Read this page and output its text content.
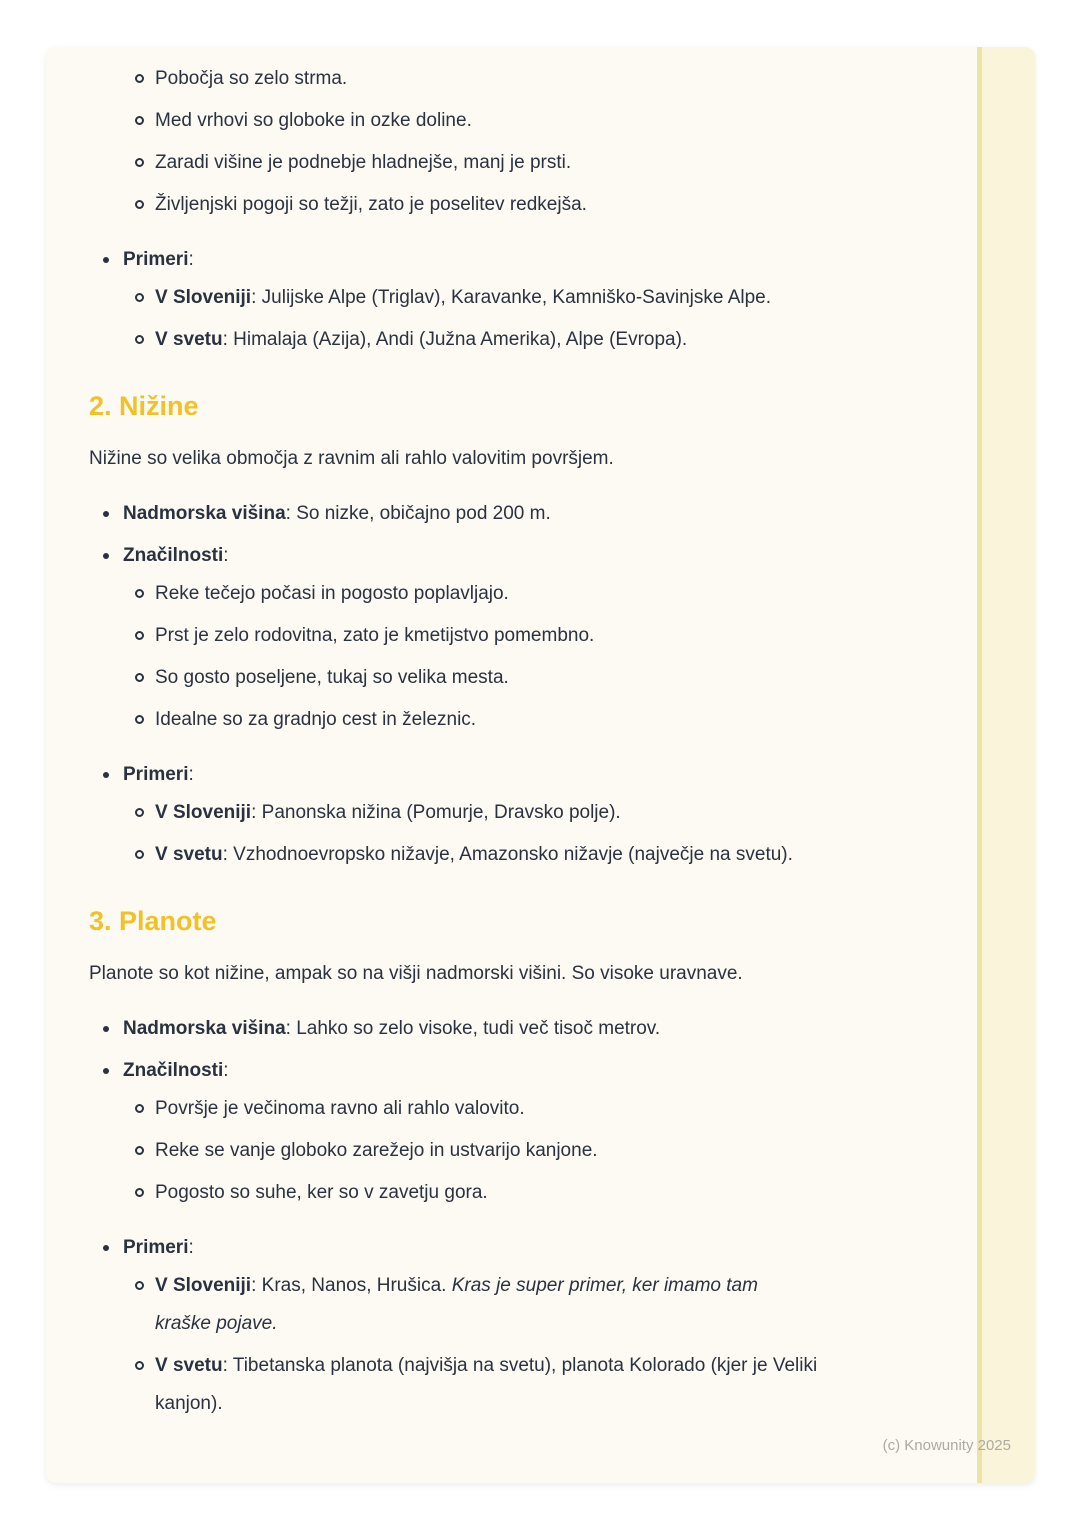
Pobočja so zelo strma.
Med vrhovi so globoke in ozke doline.
Zaradi višine je podnebje hladnejše, manj je prsti.
Življenjski pogoji so težji, zato je poselitev redkejša.
Primeri:
V Sloveniji: Julijske Alpe (Triglav), Karavanke, Kamniško-Savinjske Alpe.
V svetu: Himalaja (Azija), Andi (Južna Amerika), Alpe (Evropa).
2. Nižine
Nižine so velika območja z ravnim ali rahlo valovitim površjem.
Nadmorska višina: So nizke, običajno pod 200 m.
Značilnosti:
Reke tečejo počasi in pogosto poplavljajo.
Prst je zelo rodovitna, zato je kmetijstvo pomembno.
So gosto poseljene, tukaj so velika mesta.
Idealne so za gradnjo cest in železnic.
Primeri:
V Sloveniji: Panonska nižina (Pomurje, Dravsko polje).
V svetu: Vzhodnoevropsko nižavje, Amazonsko nižavje (največje na svetu).
3. Planote
Planote so kot nižine, ampak so na višji nadmorski višini. So visoke uravnave.
Nadmorska višina: Lahko so zelo visoke, tudi več tisoč metrov.
Značilnosti:
Površje je večinoma ravno ali rahlo valovito.
Reke se vanje globoko zarežejo in ustvarijo kanjone.
Pogosto so suhe, ker so v zavetju gora.
Primeri:
V Sloveniji: Kras, Nanos, Hrušica. Kras je super primer, ker imamo tam kraške pojave.
V svetu: Tibetanska planota (najvišja na svetu), planota Kolorado (kjer je Veliki kanjon).
(c) Knowunity 2025
